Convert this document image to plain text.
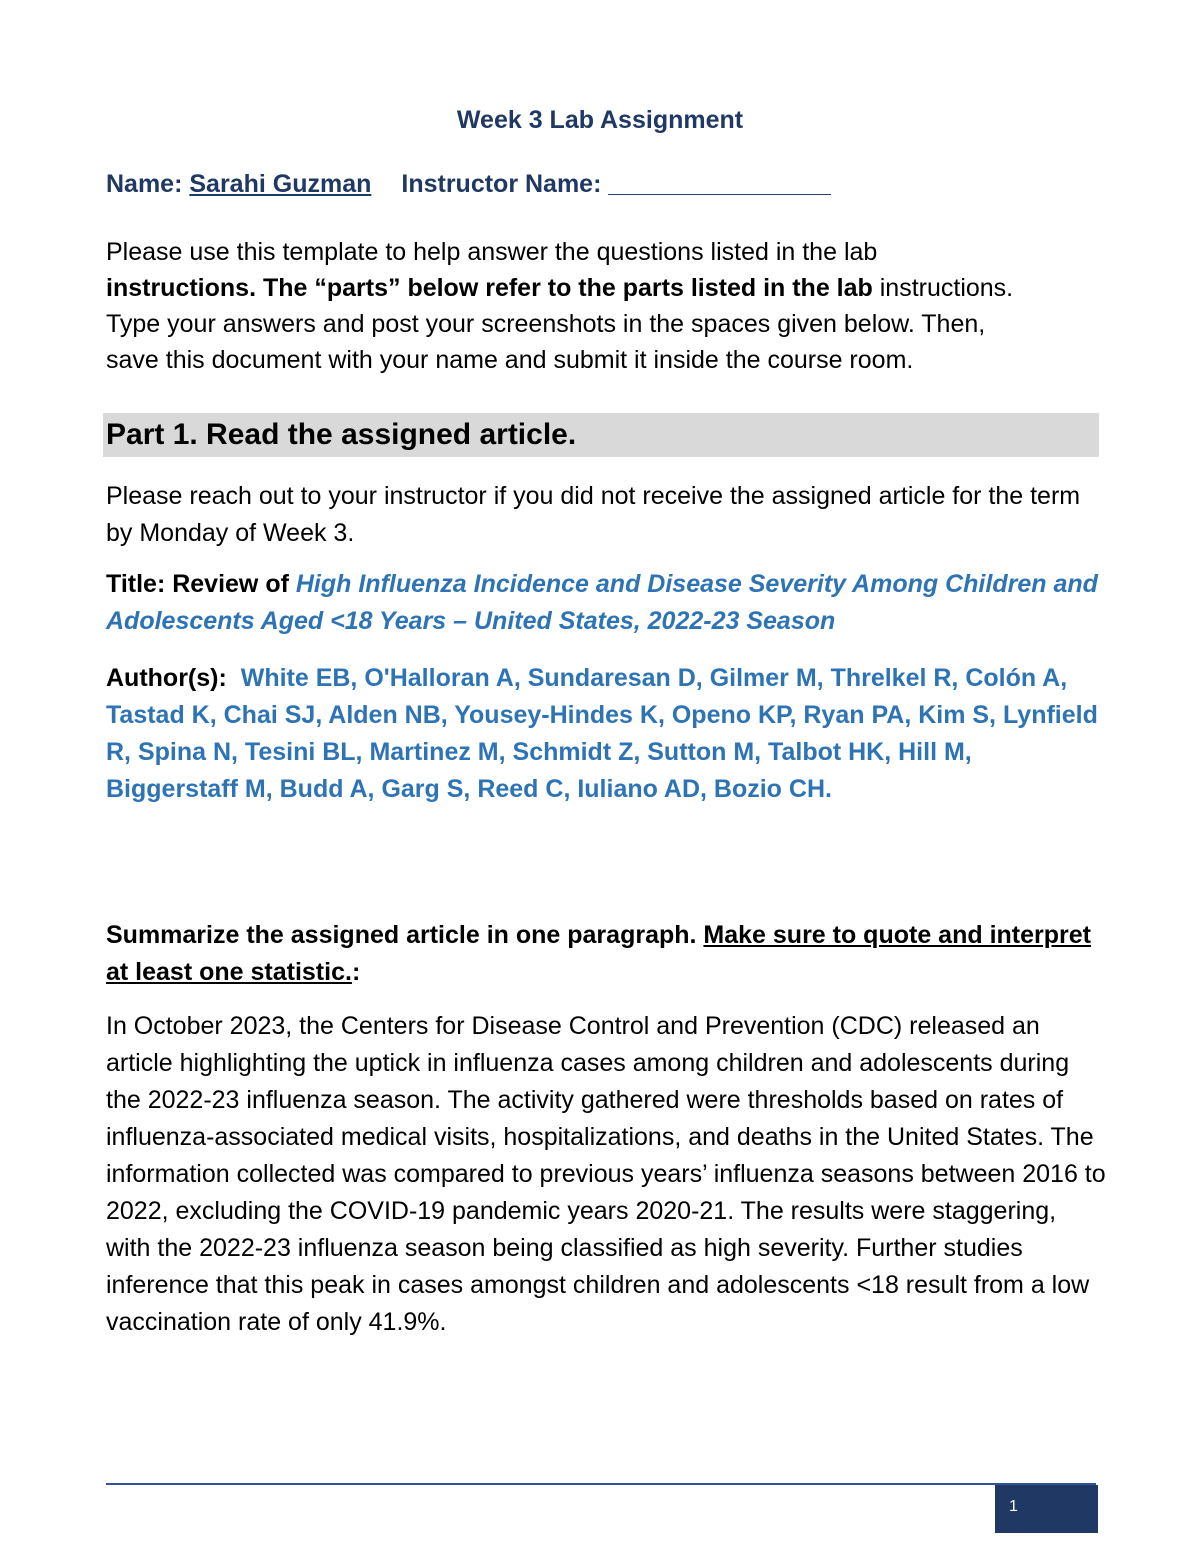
Week 3 Lab Assignment
Name: Sarahi Guzman Instructor Name: ________________
Please use this template to help answer the questions listed in the lab
instructions. The “parts” below refer to the parts listed in the lab instructions.
Type your answers and post your screenshots in the spaces given below. Then,
save this document with your name and submit it inside the course room.
Part 1. Read the assigned article.
Please reach out to your instructor if you did not receive the assigned article for the term by Monday of Week 3.
Title: Review of High Influenza Incidence and Disease Severity Among Children and Adolescents Aged <18 Years – United States, 2022-23 Season
Author(s): White EB, O'Halloran A, Sundaresan D, Gilmer M, Threlkel R, Colón A, Tastad K, Chai SJ, Alden NB, Yousey-Hindes K, Openo KP, Ryan PA, Kim S, Lynfield R, Spina N, Tesini BL, Martinez M, Schmidt Z, Sutton M, Talbot HK, Hill M, Biggerstaff M, Budd A, Garg S, Reed C, Iuliano AD, Bozio CH.
Summarize the assigned article in one paragraph. Make sure to quote and interpret at least one statistic.:
In October 2023, the Centers for Disease Control and Prevention (CDC) released an article highlighting the uptick in influenza cases among children and adolescents during the 2022-23 influenza season. The activity gathered were thresholds based on rates of influenza-associated medical visits, hospitalizations, and deaths in the United States. The information collected was compared to previous years’ influenza seasons between 2016 to 2022, excluding the COVID-19 pandemic years 2020-21. The results were staggering, with the 2022-23 influenza season being classified as high severity. Further studies inference that this peak in cases amongst children and adolescents <18 result from a low vaccination rate of only 41.9%.
1
